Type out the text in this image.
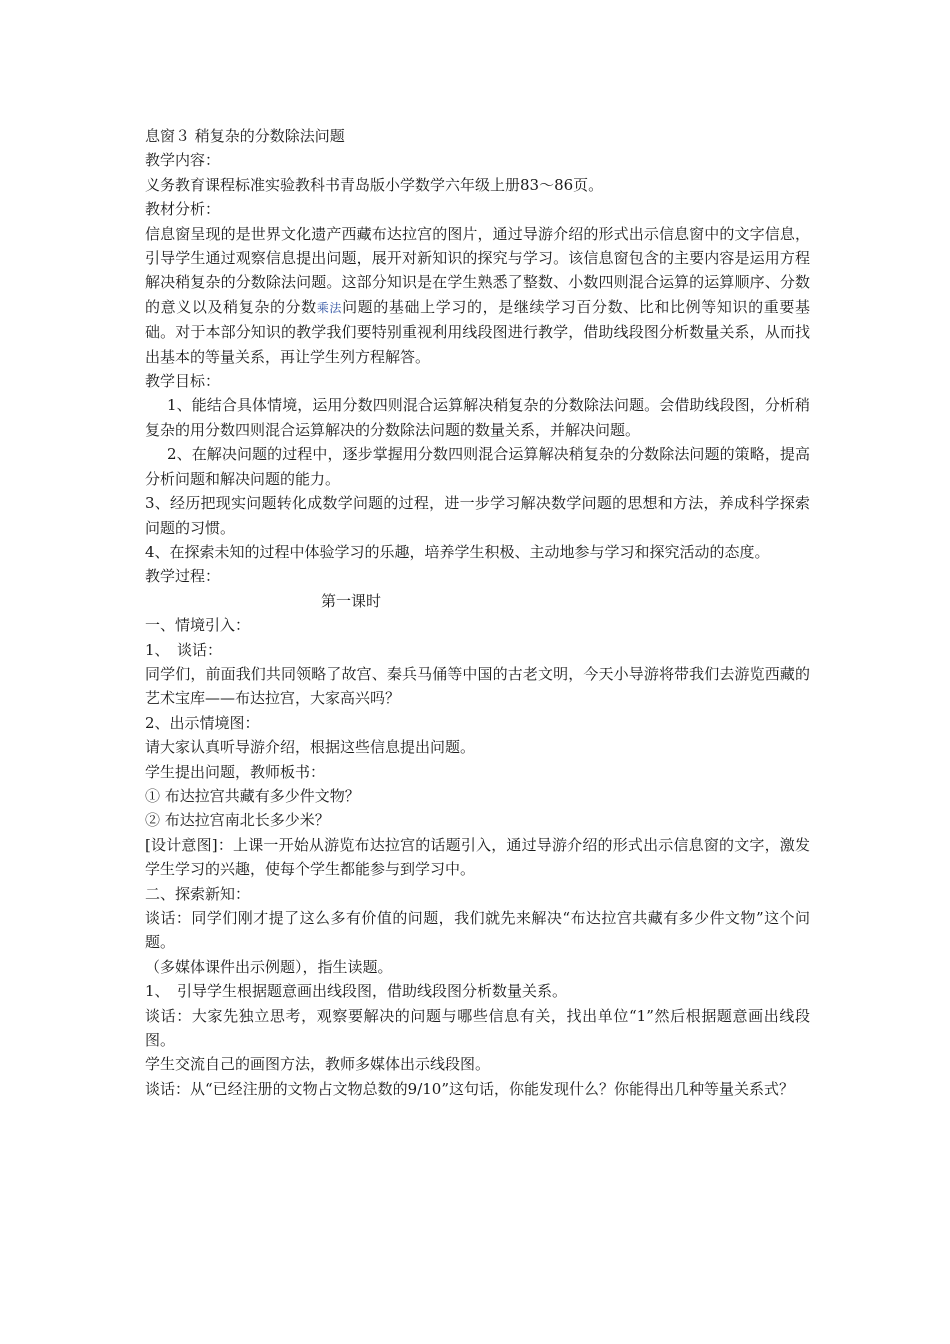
息窗３ 稍复杂的分数除法问题

教学内容：

义务教育课程标准实验教科书青岛版小学数学六年级上册83～86页。

教材分析：

信息窗呈现的是世界文化遗产西藏布达拉宫的图片，通过导游介绍的形式出示信息窗中的文字信息，引导学生通过观察信息提出问题，展开对新知识的探究与学习。该信息窗包含的主要内容是运用方程解决稍复杂的分数除法问题。这部分知识是在学生熟悉了整数、小数四则混合运算的运算顺序、分数的意义以及稍复杂的分数乘法问题的基础上学习的，是继续学习百分数、比和比例等知识的重要基础。对于本部分知识的教学我们要特别重视利用线段图进行教学，借助线段图分析数量关系，从而找出基本的等量关系，再让学生列方程解答。

教学目标：

1、能结合具体情境，运用分数四则混合运算解决稍复杂的分数除法问题。会借助线段图，分析稍复杂的用分数四则混合运算解决的分数除法问题的数量关系，并解决问题。

2、在解决问题的过程中，逐步掌握用分数四则混合运算解决稍复杂的分数除法问题的策略，提高分析问题和解决问题的能力。

3、经历把现实问题转化成数学问题的过程，进一步学习解决数学问题的思想和方法，养成科学探索问题的习惯。

4、在探索未知的过程中体验学习的乐趣，培养学生积极、主动地参与学习和探究活动的态度。

教学过程：

第一课时

一、情境引入：

1、　谈话：

同学们，前面我们共同领略了故宫、秦兵马俑等中国的古老文明，今天小导游将带我们去游览西藏的艺术宝库——布达拉宫，大家高兴吗？

2、出示情境图：

请大家认真听导游介绍，根据这些信息提出问题。

学生提出问题，教师板书：

① 布达拉宫共藏有多少件文物？

② 布达拉宫南北长多少米？

[设计意图]：上课一开始从游览布达拉宫的话题引入，通过导游介绍的形式出示信息窗的文字，激发学生学习的兴趣，使每个学生都能参与到学习中。

二、探索新知：

谈话：同学们刚才提了这么多有价值的问题，我们就先来解决“布达拉宫共藏有多少件文物”这个问题。

（多媒体课件出示例题），指生读题。

1、　引导学生根据题意画出线段图，借助线段图分析数量关系。

谈话：大家先独立思考，观察要解决的问题与哪些信息有关，找出单位“1”然后根据题意画出线段图。

学生交流自己的画图方法，教师多媒体出示线段图。

谈话：从“已经注册的文物占文物总数的9/10”这句话，你能发现什么？你能得出几种等量关系式？
